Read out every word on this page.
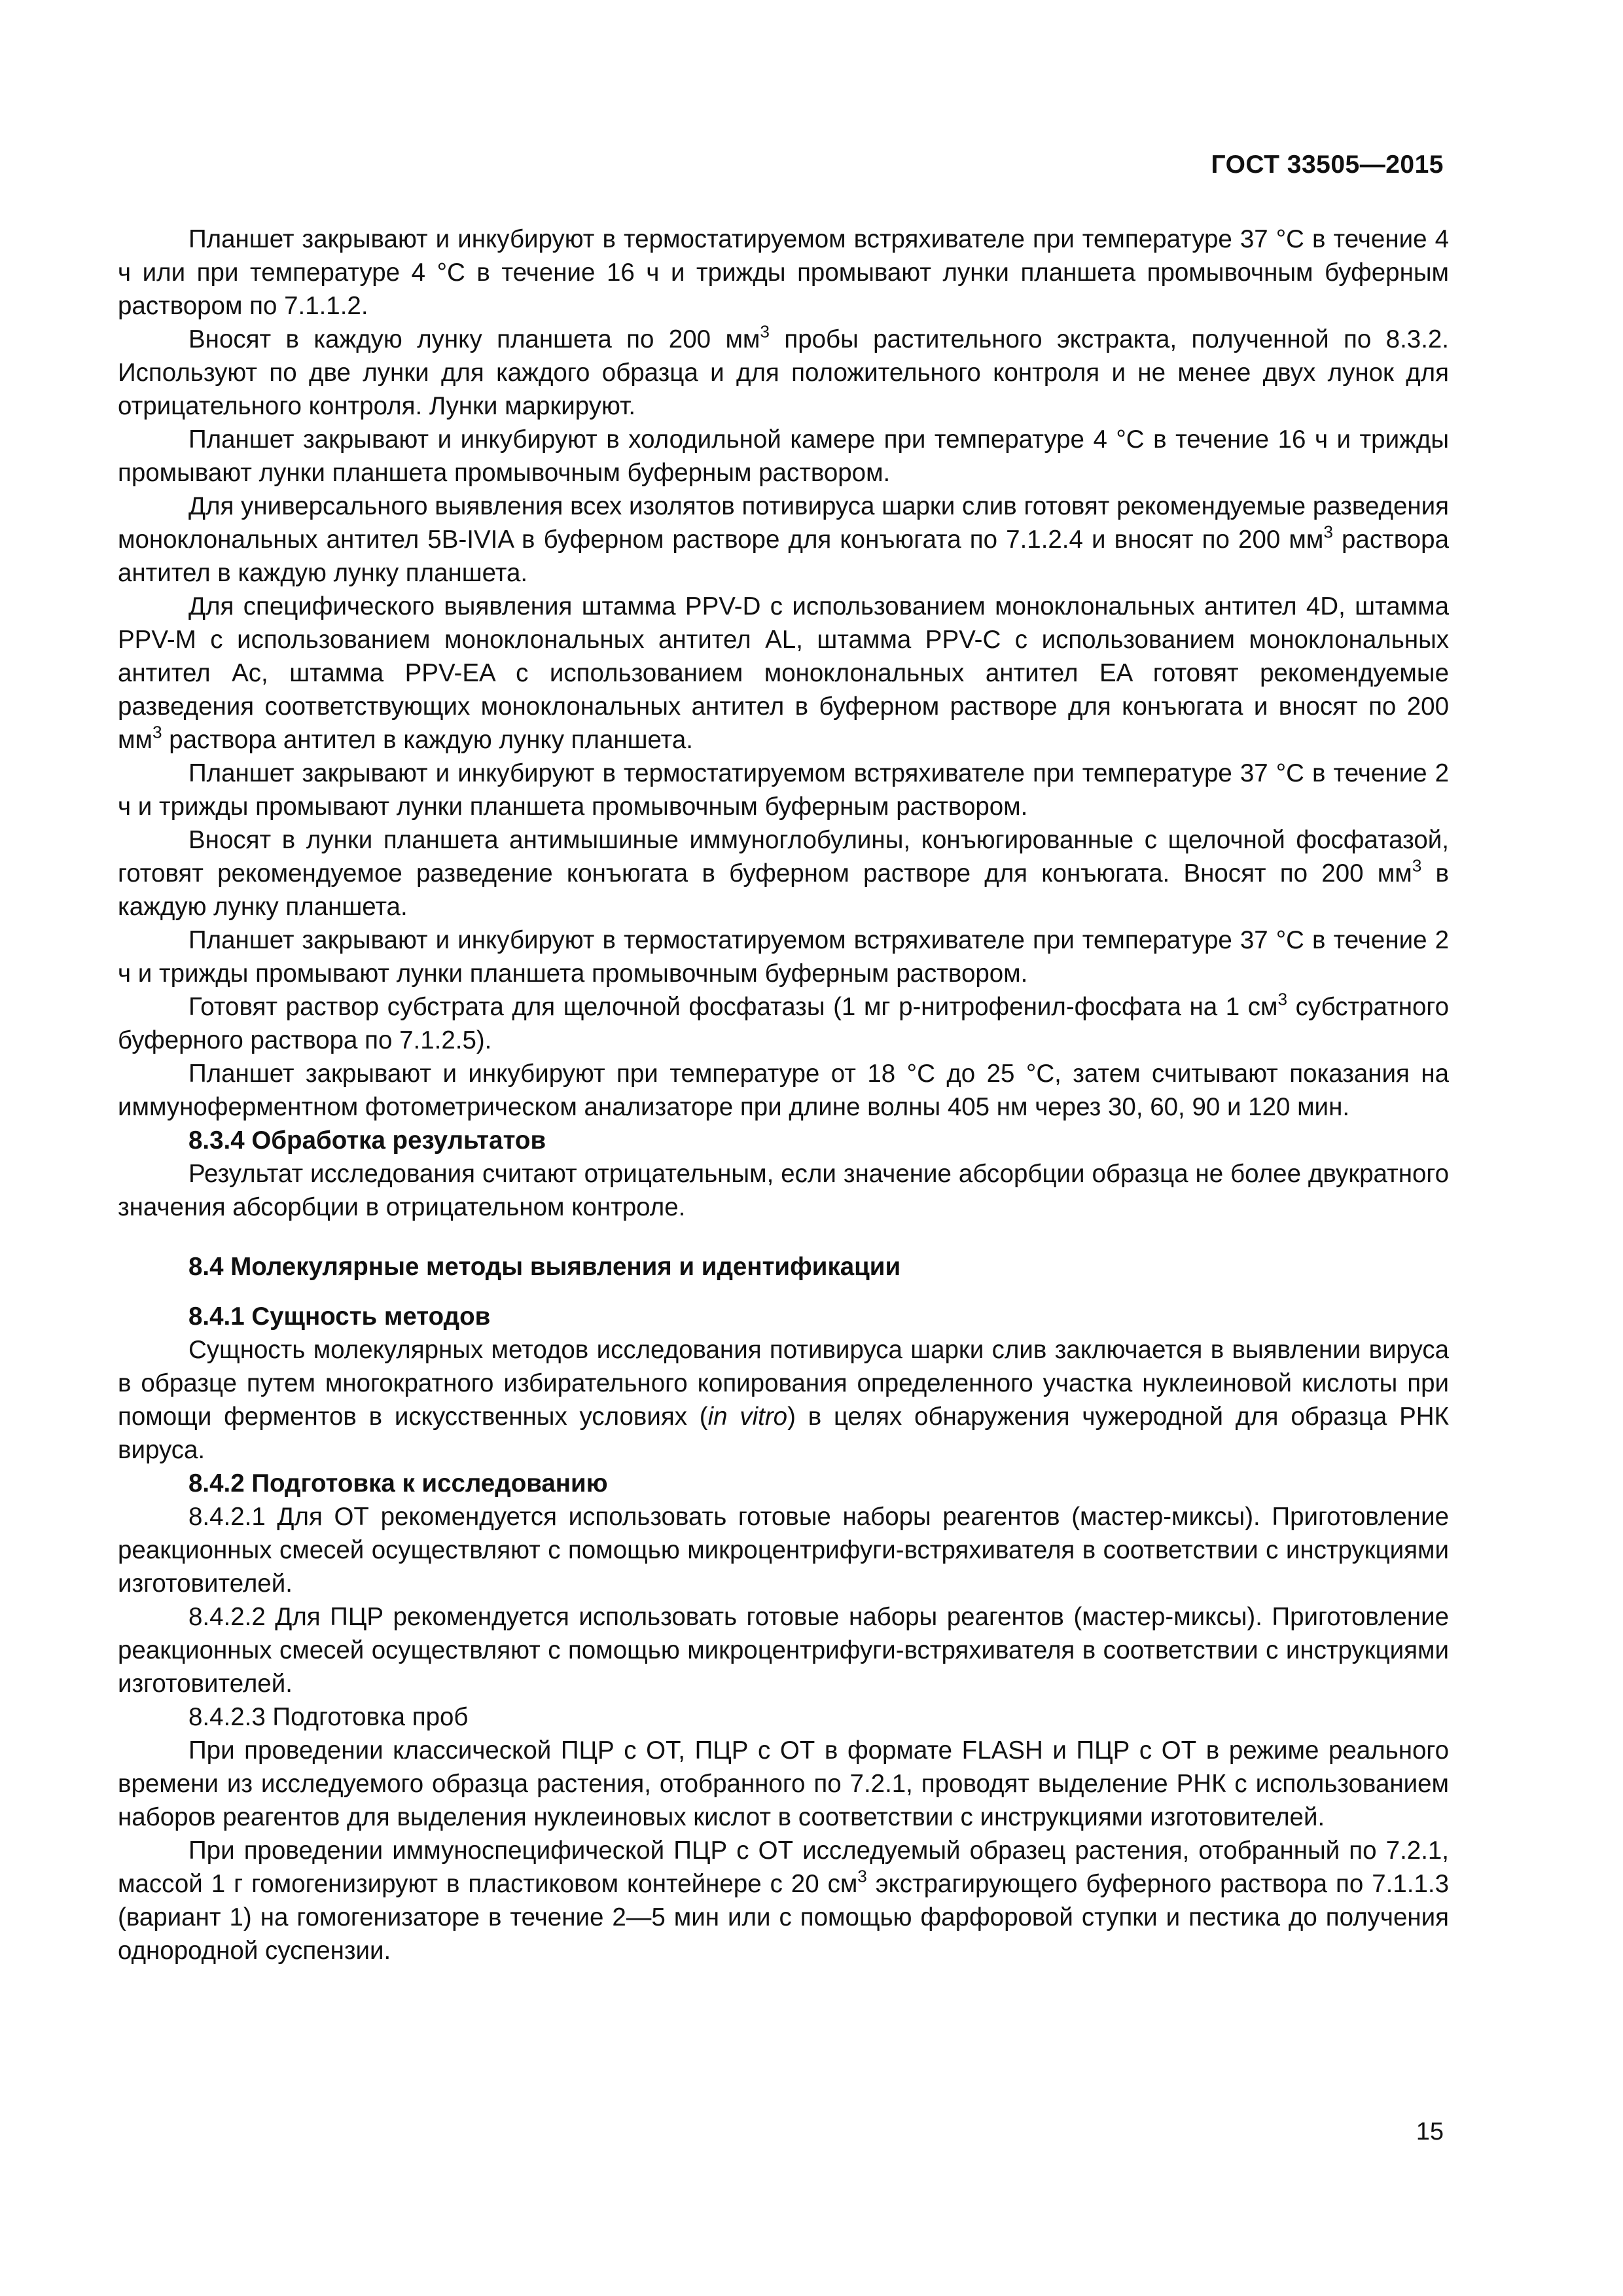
ГОСТ 33505—2015

Планшет закрывают и инкубируют в термостатируемом встряхивателе при температуре 37 °С в течение 4 ч или при температуре 4 °С в течение 16 ч и трижды промывают лунки планшета промывочным буферным раствором по 7.1.1.2.

Вносят в каждую лунку планшета по 200 $мм^3$ пробы растительного экстракта, полученной по 8.3.2. Используют по две лунки для каждого образца и для положительного контроля и не менее двух лунок для отрицательного контроля. Лунки маркируют.

Планшет закрывают и инкубируют в холодильной камере при температуре 4 °С в течение 16 ч и трижды промывают лунки планшета промывочным буферным раствором.

Для универсального выявления всех изолятов потивируса шарки слив готовят рекомендуемые разведения моноклональных антител 5B-IVIA в буферном растворе для конъюгата по 7.1.2.4 и вносят по 200 $мм^3$ раствора антител в каждую лунку планшета.

Для специфического выявления штамма PPV-D с использованием моноклональных антител 4D, штамма PPV-M с использованием моноклональных антител AL, штамма PPV-C с использованием моноклональных антител Ac, штамма PPV-EA с использованием моноклональных антител EA готовят рекомендуемые разведения соответствующих моноклональных антител в буферном растворе для конъюгата и вносят по 200 $мм^3$ раствора антител в каждую лунку планшета.

Планшет закрывают и инкубируют в термостатируемом встряхивателе при температуре 37 °С в течение 2 ч и трижды промывают лунки планшета промывочным буферным раствором.

Вносят в лунки планшета антимышиные иммуноглобулины, конъюгированные с щелочной фосфатазой, готовят рекомендуемое разведение конъюгата в буферном растворе для конъюгата. Вносят по 200 $мм^3$ в каждую лунку планшета.

Планшет закрывают и инкубируют в термостатируемом встряхивателе при температуре 37 °С в течение 2 ч и трижды промывают лунки планшета промывочным буферным раствором.

Готовят раствор субстрата для щелочной фосфатазы (1 мг p-нитрофенил-фосфата на 1 $см^3$ субстратного буферного раствора по 7.1.2.5).

Планшет закрывают и инкубируют при температуре от 18 °С до 25 °С, затем считывают показания на иммуноферментном фотометрическом анализаторе при длине волны 405 нм через 30, 60, 90 и 120 мин.

8.3.4 Обработка результатов

Результат исследования считают отрицательным, если значение абсорбции образца не более двукратного значения абсорбции в отрицательном контроле.

8.4 Молекулярные методы выявления и идентификации

8.4.1 Сущность методов

Сущность молекулярных методов исследования потивируса шарки слив заключается в выявлении вируса в образце путем многократного избирательного копирования определенного участка нуклеиновой кислоты при помощи ферментов в искусственных условиях (in vitro) в целях обнаружения чужеродной для образца РНК вируса.

8.4.2 Подготовка к исследованию

8.4.2.1 Для ОТ рекомендуется использовать готовые наборы реагентов (мастер-миксы). Приготовление реакционных смесей осуществляют с помощью микроцентрифуги-встряхивателя в соответствии с инструкциями изготовителей.

8.4.2.2 Для ПЦР рекомендуется использовать готовые наборы реагентов (мастер-миксы). Приготовление реакционных смесей осуществляют с помощью микроцентрифуги-встряхивателя в соответствии с инструкциями изготовителей.

8.4.2.3 Подготовка проб

При проведении классической ПЦР с ОТ, ПЦР с ОТ в формате FLASH и ПЦР с ОТ в режиме реального времени из исследуемого образца растения, отобранного по 7.2.1, проводят выделение РНК с использованием наборов реагентов для выделения нуклеиновых кислот в соответствии с инструкциями изготовителей.

При проведении иммуноспецифической ПЦР с ОТ исследуемый образец растения, отобранный по 7.2.1, массой 1 г гомогенизируют в пластиковом контейнере с 20 $см^3$ экстрагирующего буферного раствора по 7.1.1.3 (вариант 1) на гомогенизаторе в течение 2—5 мин или с помощью фарфоровой ступки и пестика до получения однородной суспензии.

15
